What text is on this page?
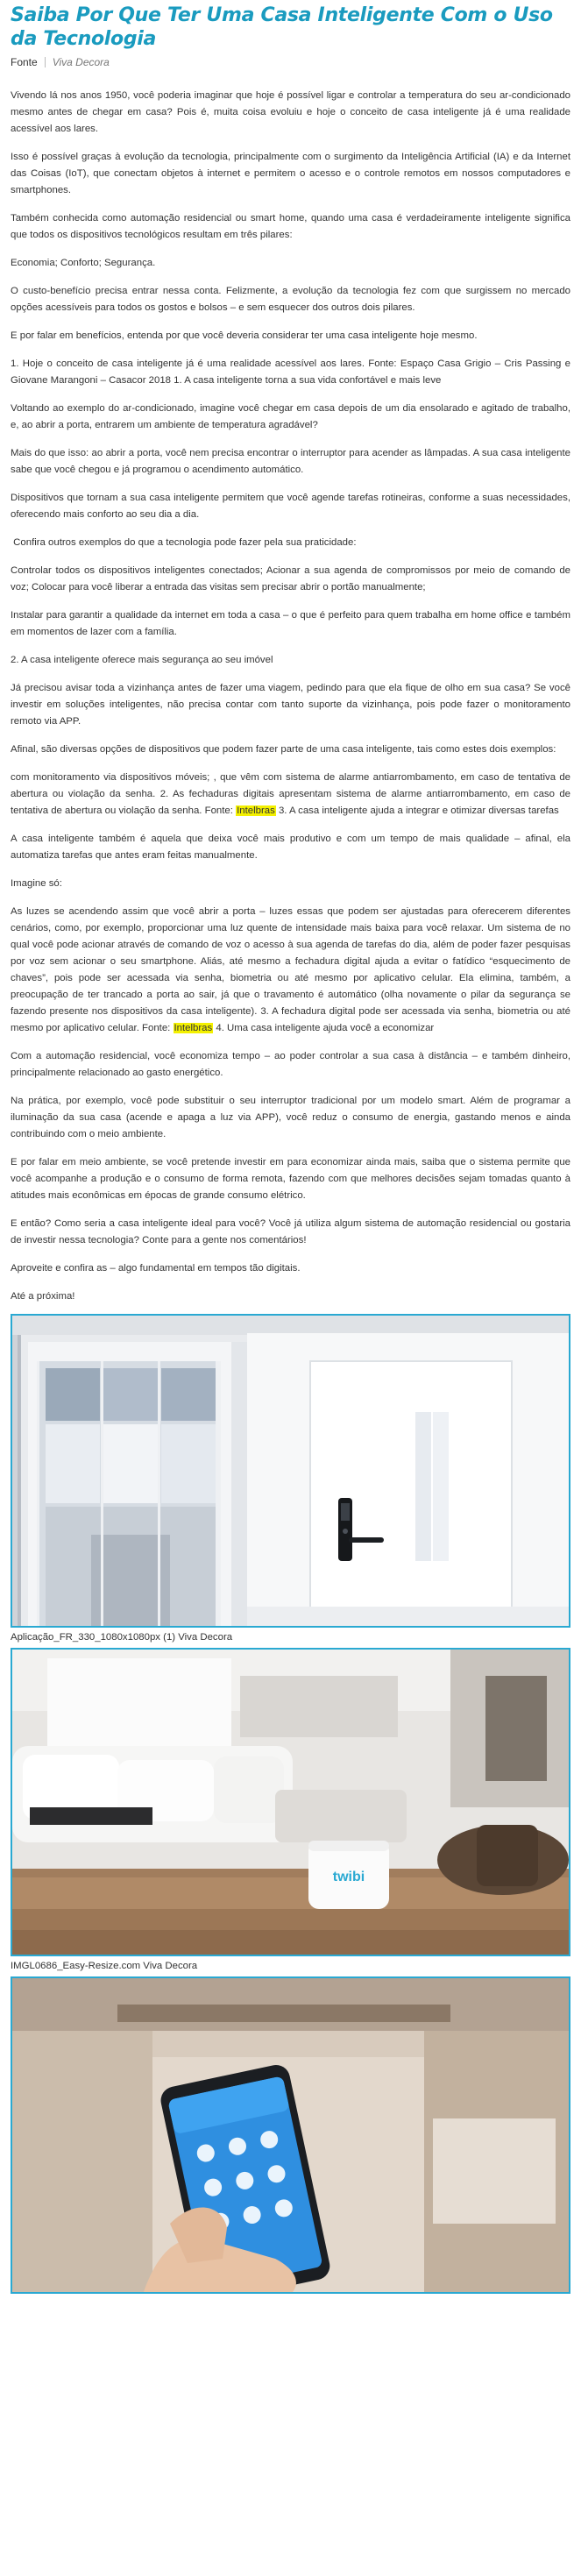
Saiba Por Que Ter Uma Casa Inteligente Com o Uso da Tecnologia
Fonte Viva Decora

Vivendo lá nos anos 1950, você poderia imaginar que hoje é possível ligar e controlar a temperatura do seu ar-condicionado mesmo antes de chegar em casa? Pois é, muita coisa evoluiu e hoje o conceito de casa inteligente já é uma realidade acessível aos lares.

Isso é possível graças à evolução da tecnologia, principalmente com o surgimento da Inteligência Artificial (IA) e da Internet das Coisas (IoT), que conectam objetos à internet e permitem o acesso e o controle remotos em nossos computadores e smartphones.

Também conhecida como automação residencial ou smart home, quando uma casa é verdadeiramente inteligente significa que todos os dispositivos tecnológicos resultam em três pilares:

Economia; Conforto; Segurança.

O custo-benefício precisa entrar nessa conta. Felizmente, a evolução da tecnologia fez com que surgissem no mercado opções acessíveis para todos os gostos e bolsos – e sem esquecer dos outros dois pilares.

E por falar em benefícios, entenda por que você deveria considerar ter uma casa inteligente hoje mesmo.

1. Hoje o conceito de casa inteligente já é uma realidade acessível aos lares. Fonte: Espaço Casa Grigio – Cris Passing e Giovane Marangoni – Casacor 2018 1. A casa inteligente torna a sua vida confortável e mais leve

Voltando ao exemplo do ar-condicionado, imagine você chegar em casa depois de um dia ensolarado e agitado de trabalho, e, ao abrir a porta, entrarem um ambiente de temperatura agradável?

Mais do que isso: ao abrir a porta, você nem precisa encontrar o interruptor para acender as lâmpadas. A sua casa inteligente sabe que você chegou e já programou o acendimento automático.

Dispositivos que tornam a sua casa inteligente permitem que você agende tarefas rotineiras, conforme a suas necessidades, oferecendo mais conforto ao seu dia a dia.

Confira outros exemplos do que a tecnologia pode fazer pela sua praticidade:

Controlar todos os dispositivos inteligentes conectados; Acionar a sua agenda de compromissos por meio de comando de voz; Colocar para você liberar a entrada das visitas sem precisar abrir o portão manualmente;

Instalar para garantir a qualidade da internet em toda a casa – o que é perfeito para quem trabalha em home office e também em momentos de lazer com a família.

2. A casa inteligente oferece mais segurança ao seu imóvel

Já precisou avisar toda a vizinhança antes de fazer uma viagem, pedindo para que ela fique de olho em sua casa? Se você investir em soluções inteligentes, não precisa contar com tanto suporte da vizinhança, pois pode fazer o monitoramento remoto via APP.

Afinal, são diversas opções de dispositivos que podem fazer parte de uma casa inteligente, tais como estes dois exemplos:

com monitoramento via dispositivos móveis; , que vêm com sistema de alarme antiarrombamento, em caso de tentativa de abertura ou violação da senha. 2. As fechaduras digitais apresentam sistema de alarme antiarrombamento, em caso de tentativa de abertura ou violação da senha. Fonte: Intelbras 3. A casa inteligente ajuda a integrar e otimizar diversas tarefas

A casa inteligente também é aquela que deixa você mais produtivo e com um tempo de mais qualidade – afinal, ela automatiza tarefas que antes eram feitas manualmente.

Imagine só:

As luzes se acendendo assim que você abrir a porta – luzes essas que podem ser ajustadas para oferecerem diferentes cenários, como, por exemplo, proporcionar uma luz quente de intensidade mais baixa para você relaxar. Um sistema de no qual você pode acionar através de comando de voz o acesso à sua agenda de tarefas do dia, além de poder fazer pesquisas por voz sem acionar o seu smartphone. Aliás, até mesmo a fechadura digital ajuda a evitar o fatídico “esquecimento de chaves”, pois pode ser acessada via senha, biometria ou até mesmo por aplicativo celular. Ela elimina, também, a preocupação de ter trancado a porta ao sair, já que o travamento é automático (olha novamente o pilar da segurança se fazendo presente nos dispositivos da casa inteligente). 3. A fechadura digital pode ser acessada via senha, biometria ou até mesmo por aplicativo celular. Fonte: Intelbras 4. Uma casa inteligente ajuda você a economizar

Com a automação residencial, você economiza tempo – ao poder controlar a sua casa à distância – e também dinheiro, principalmente relacionado ao gasto energético.

Na prática, por exemplo, você pode substituir o seu interruptor tradicional por um modelo smart. Além de programar a iluminação da sua casa (acende e apaga a luz via APP), você reduz o consumo de energia, gastando menos e ainda contribuindo com o meio ambiente.

E por falar em meio ambiente, se você pretende investir em para economizar ainda mais, saiba que o sistema permite que você acompanhe a produção e o consumo de forma remota, fazendo com que melhores decisões sejam tomadas quanto à atitudes mais econômicas em épocas de grande consumo elétrico.

E então? Como seria a casa inteligente ideal para você? Você já utiliza algum sistema de automação residencial ou gostaria de investir nessa tecnologia? Conte para a gente nos comentários!

Aproveite e confira as – algo fundamental em tempos tão digitais.

Até a próxima!

Aplicação_FR_330_1080x1080px (1) Viva Decora
twibi
IMGL0686_Easy-Resize.com Viva Decora
